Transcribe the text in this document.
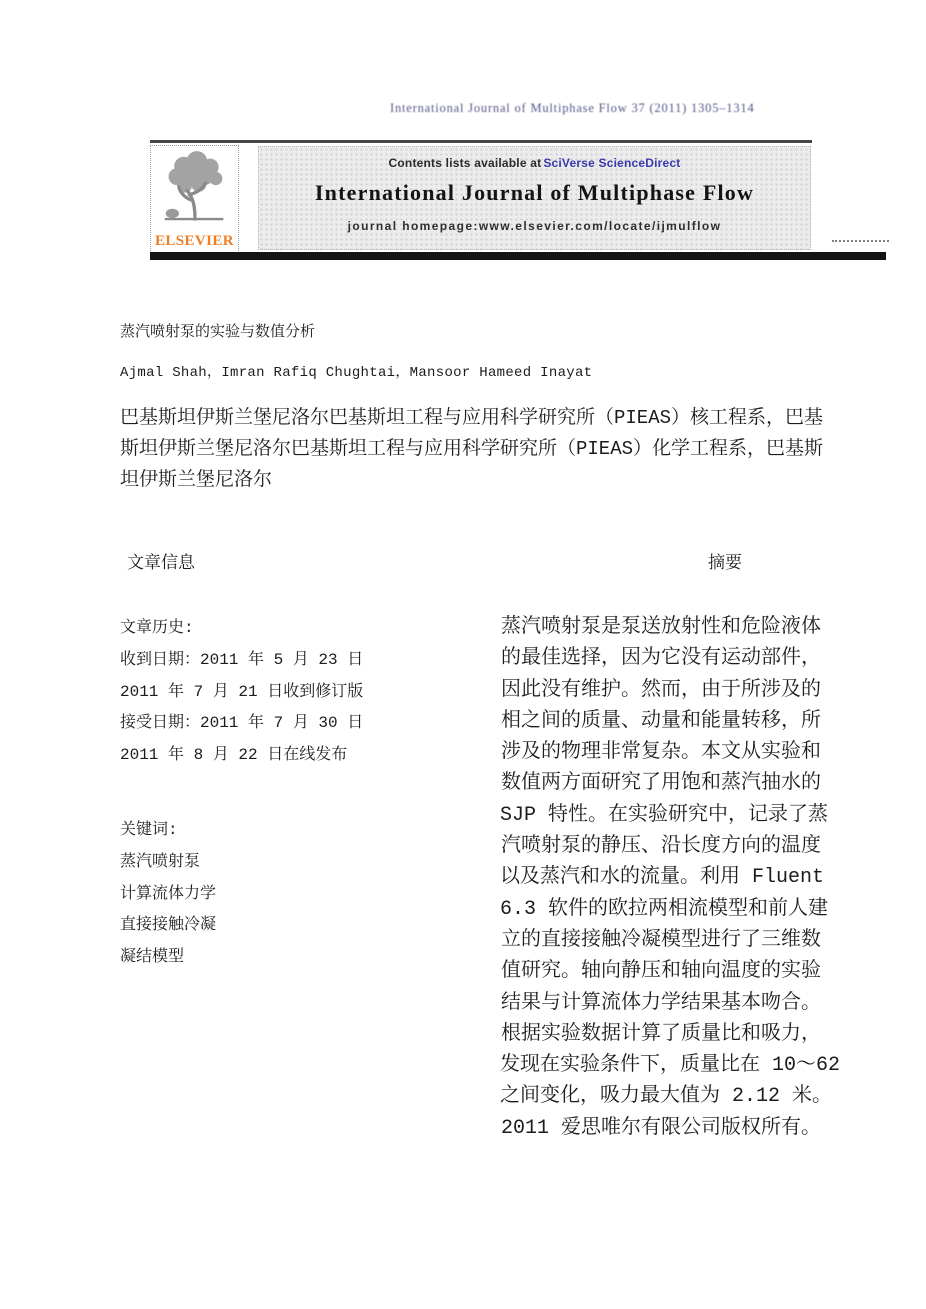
International Journal of Multiphase Flow 37 (2011) 1305–1314
ELSEVIER
Contents lists available at SciVerse ScienceDirect
International Journal of Multiphase Flow
journal homepage:www.elsevier.com/locate/ijmulflow
蒸汽喷射泵的实验与数值分析
Ajmal Shah，Imran Rafiq Chughtai，Mansoor Hameed Inayat
巴基斯坦伊斯兰堡尼洛尔巴基斯坦工程与应用科学研究所（PIEAS）核工程系，巴基
斯坦伊斯兰堡尼洛尔巴基斯坦工程与应用科学研究所（PIEAS）化学工程系，巴基斯
坦伊斯兰堡尼洛尔
文章信息	摘要
文章历史:
收到日期：2011 年 5 月 23 日
2011 年 7 月 21 日收到修订版
接受日期：2011 年 7 月 30 日
2011 年 8 月 22 日在线发布
关键词:
蒸汽喷射泵
计算流体力学
直接接触冷凝
凝结模型
蒸汽喷射泵是泵送放射性和危险液体
的最佳选择，因为它没有运动部件，
因此没有维护。然而，由于所涉及的
相之间的质量、动量和能量转移，所
涉及的物理非常复杂。本文从实验和
数值两方面研究了用饱和蒸汽抽水的
SJP 特性。在实验研究中，记录了蒸
汽喷射泵的静压、沿长度方向的温度
以及蒸汽和水的流量。利用 Fluent
6.3 软件的欧拉两相流模型和前人建
立的直接接触冷凝模型进行了三维数
值研究。轴向静压和轴向温度的实验
结果与计算流体力学结果基本吻合。
根据实验数据计算了质量比和吸力，
发现在实验条件下，质量比在 10～62
之间变化，吸力最大值为 2.12 米。
2011 爱思唯尔有限公司版权所有。
